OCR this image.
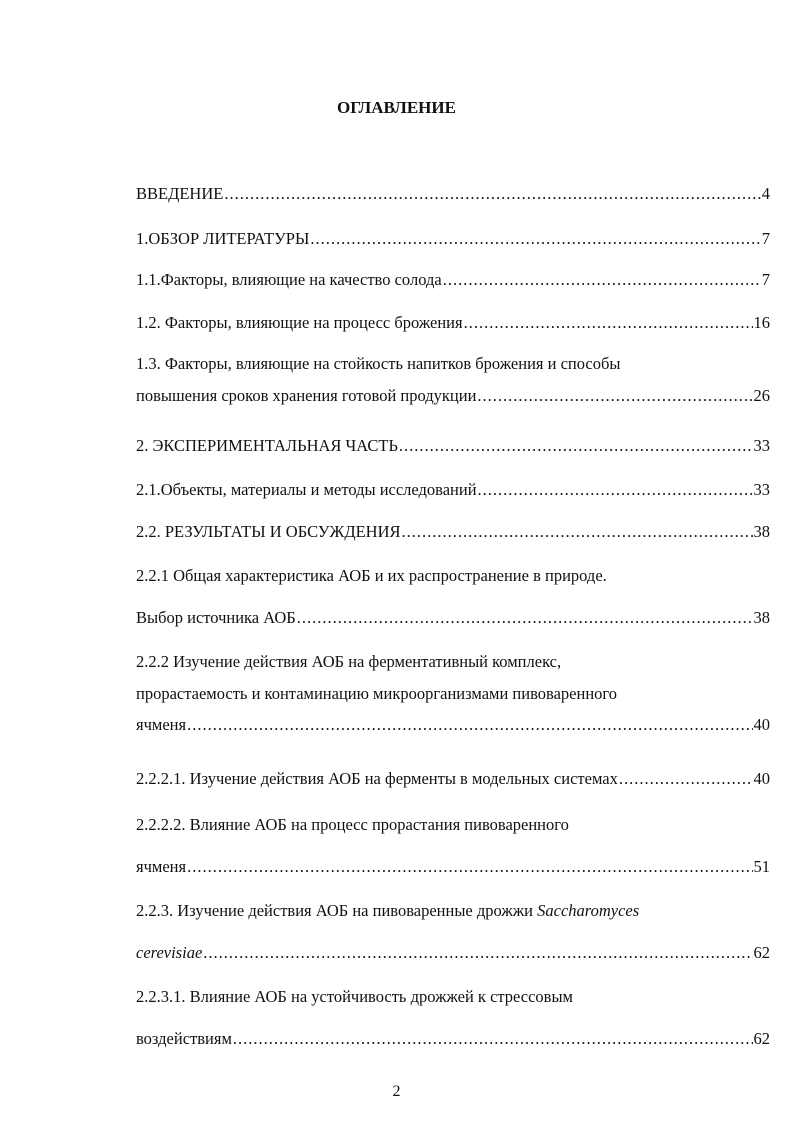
ОГЛАВЛЕНИЕ
ВВЕДЕНИЕ .....	4
1.ОБЗОР ЛИТЕРАТУРЫ .....	7
1.1.Факторы, влияющие на качество солода .....	7
1.2. Факторы, влияющие на процесс брожения .....	16
1.3. Факторы, влияющие на стойкость напитков брожения и способы
повышения сроков хранения готовой продукции .....	26
2. ЭКСПЕРИМЕНТАЛЬНАЯ ЧАСТЬ .....	33
2.1.Объекты, материалы и методы исследований .....	33
2.2. РЕЗУЛЬТАТЫ И ОБСУЖДЕНИЯ .....	38
2.2.1 Общая характеристика АОБ и их распространение в природе.
Выбор источника АОБ .....	38
2.2.2 Изучение действия АОБ на ферментативный комплекс,
прорастаемость и контаминацию микроорганизмами пивоваренного
ячменя .....	40
2.2.2.1. Изучение действия АОБ на ферменты в модельных системах .....	40
2.2.2.2. Влияние АОБ на процесс прорастания пивоваренного
ячменя .....	51
2.2.3. Изучение действия АОБ на пивоваренные дрожжи Saccharomyces
cerevisiae .....	62
2.2.3.1. Влияние АОБ на устойчивость дрожжей к стрессовым
воздействиям .....	62
2
